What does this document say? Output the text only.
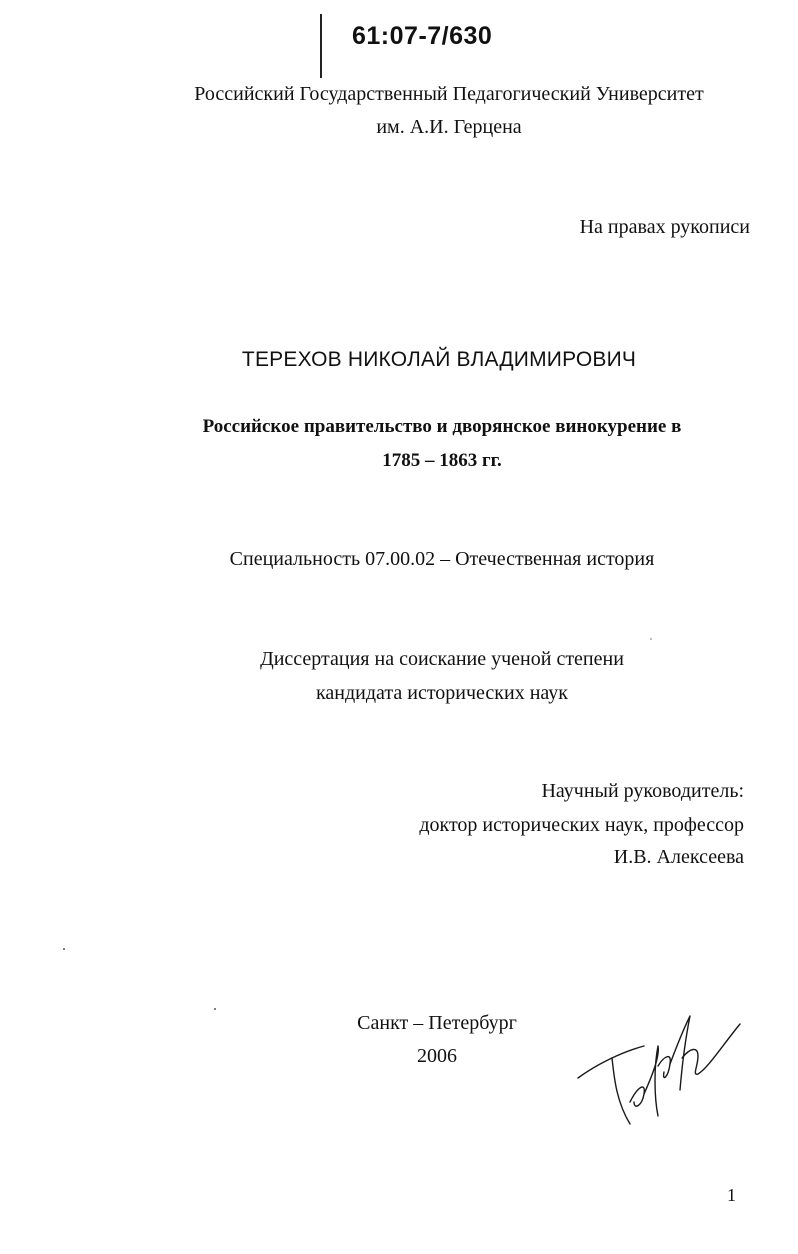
61:07-7/630
Российский Государственный Педагогический Университет
им. А.И. Герцена
На правах рукописи
ТЕРЕХОВ НИКОЛАЙ ВЛАДИМИРОВИЧ
Российское правительство и дворянское винокурение в
1785 – 1863 гг.
Специальность 07.00.02 – Отечественная история
Диссертация на соискание ученой степени
кандидата исторических наук
Научный руководитель:
доктор исторических наук, профессор
И.В. Алексеева
Санкт – Петербург
2006
1
